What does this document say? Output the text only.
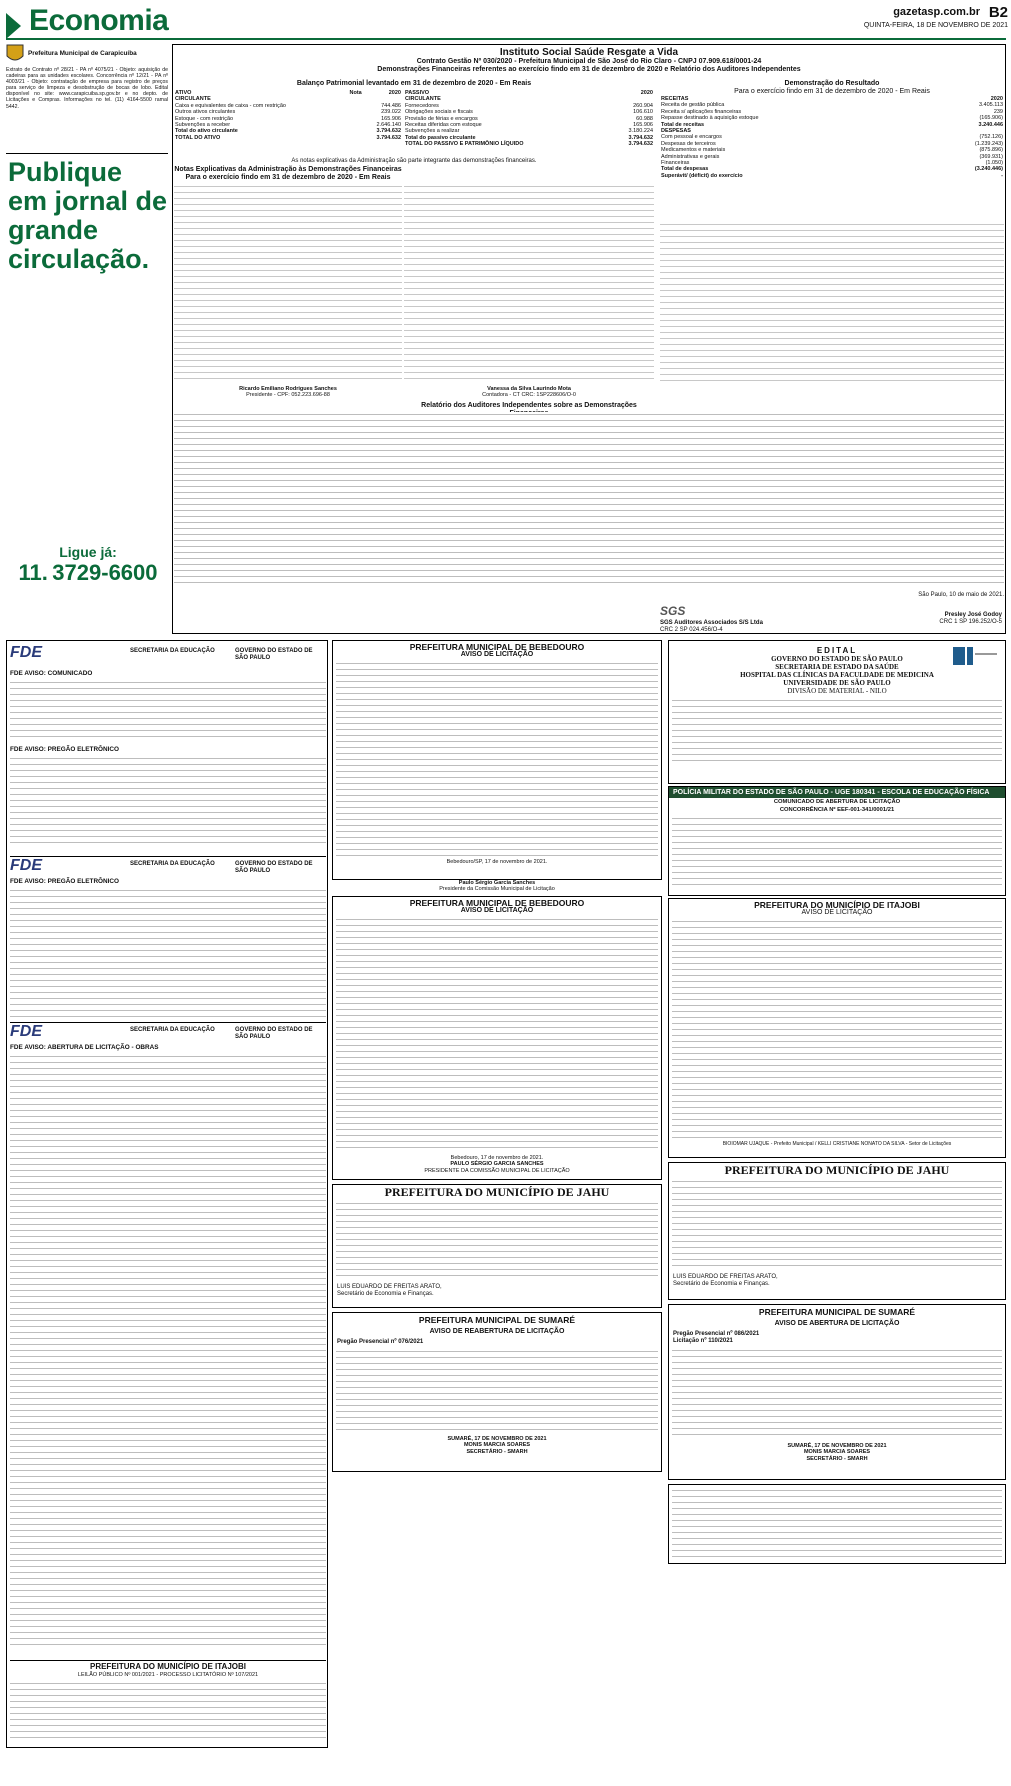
Economia	gazetasp.com.br B2
QUINTA-FEIRA, 18 DE NOVEMBRO DE 2021
Prefeitura Municipal de Carapicuíba
Extrato de Contrato nº 28/21 - PA nº 4075/21 - Objeto: aquisição de cadeiras para as unidades escolares. Concorrência nº 12/21 - PA nº 4003/21 - Objeto: contratação de empresa para registro de preços para serviço de limpeza e desobstrução de bocas de lobo. Edital disponível no site: www.carapicuiba.sp.gov.br e no depto. de Licitações e Compras. Informações no tel. (11) 4164-5500 ramal 5442.
Publique em jornal de grande circulação.
Ligue já:
11. 3729-6600
Instituto Social Saúde Resgate a Vida
Contrato Gestão Nº 030/2020 - Prefeitura Municipal de São José do Rio Claro - CNPJ 07.909.618/0001-24
Demonstrações Financeiras referentes ao exercício findo em 31 de dezembro de 2020 e Relatório dos Auditores Independentes
Balanço Patrimonial levantado em 31 de dezembro de 2020 - Em Reais
ATIVO	Nota	2020
CIRCULANTE		
Caixa e equivalentes de caixa - com restrição		744.486
Outros ativos circulantes		239.022
Estoque - com restrição		165.906
Subvenções a receber		2.646.140
Total do ativo circulante		3.794.632
TOTAL DO ATIVO		3.794.632
PASSIVO	2020
CIRCULANTE	
Fornecedores	260.904
Obrigações sociais e fiscais	106.610
Provisão de férias e encargos	60.988
Receitas diferidas com estoque	165.906
Subvenções a realizar	3.180.224
Total do passivo circulante	3.794.632
TOTAL DO PASSIVO E PATRIMÔNIO LÍQUIDO	3.794.632
As notas explicativas da Administração são parte integrante das demonstrações financeiras.
Notas Explicativas da Administração às Demonstrações Financeiras
Para o exercício findo em 31 de dezembro de 2020 - Em Reais
Demonstração do Resultado
Para o exercício findo em 31 de dezembro de 2020 - Em Reais
RECEITAS	2020
Receita de gestão pública	3.405.113
Receita s/ aplicações financeiras	239
Repasse destinado à aquisição estoque	(165.906)
Total de receitas	3.240.446
DESPESAS	
Com pessoal e encargos	(752.126)
Despesas de terceiros	(1.239.243)
Medicamentos e materiais	(875.896)
Administrativas e gerais	(369.931)
Financeiras	(1.050)
Total de despesas	(3.240.446)
Superávit/ (déficit) do exercício	-
Ricardo Emiliano Rodrigues Sanches
Presidente - CPF: 052.223.696-88
Vanessa da Silva Laurindo Mota
Contadora - CT CRC: 1SP228606/O-0
Relatório dos Auditores Independentes sobre as Demonstrações
São Paulo, 10 de maio de 2021.
SGS
SGS Auditores Associados S/S Ltda
CRC 2 SP 024.456/O-4
Presley José Godoy
CRC 1 SP 196.252/O-5
FDE	SECRETARIA DA EDUCAÇÃO	GOVERNO DO ESTADO DE SÃO PAULO
FDE AVISO: COMUNICADO
FDE AVISO: PREGÃO ELETRÔNICO
FDE	SECRETARIA DA EDUCAÇÃO	GOVERNO DO ESTADO DE SÃO PAULO
FDE AVISO: PREGÃO ELETRÔNICO
FDE	SECRETARIA DA EDUCAÇÃO	GOVERNO DO ESTADO DE SÃO PAULO
FDE AVISO: ABERTURA DE LICITAÇÃO - OBRAS
PREFEITURA DO MUNICÍPIO DE ITAJOBI
LEILÃO PÚBLICO Nº 001/2021 - PROCESSO LICITATÓRIO Nº 107/2021
PREFEITURA MUNICIPAL DE BEBEDOURO
AVISO DE LICITAÇÃO
Bebedouro/SP, 17 de novembro de 2021.
Paulo Sérgio Garcia Sanches
Presidente da Comissão Municipal de Licitação
PREFEITURA MUNICIPAL DE BEBEDOURO
AVISO DE LICITAÇÃO
Bebedouro, 17 de novembro de 2021.
PAULO SÉRGIO GARCIA SANCHES
PRESIDENTE DA COMISSÃO MUNICIPAL DE LICITAÇÃO
PREFEITURA DO MUNICÍPIO DE JAHU
LUIS EDUARDO DE FREITAS ARATO,
Secretário de Economia e Finanças.
PREFEITURA MUNICIPAL DE SUMARÉ
AVISO DE REABERTURA DE LICITAÇÃO
Pregão Presencial nº 076/2021
SUMARÉ, 17 DE NOVEMBRO DE 2021
MONIS MARCIA SOARES
SECRETÁRIO - SMARH
EDITAL
GOVERNO DO ESTADO DE SÃO PAULO
SECRETARIA DE ESTADO DA SAÚDE
HOSPITAL DAS CLÍNICAS DA FACULDADE DE MEDICINA
UNIVERSIDADE DE SÃO PAULO
DIVISÃO DE MATERIAL - NILO
POLÍCIA MILITAR DO ESTADO DE SÃO PAULO - UGE 180341 - ESCOLA DE EDUCAÇÃO FÍSICA
COMUNICADO DE ABERTURA DE LICITAÇÃO
CONCORRÊNCIA Nº EEF-001-341/0001/21
PREFEITURA DO MUNICÍPIO DE ITAJOBI
AVISO DE LICITAÇÃO
BIOIOMAR UJAQUE - Prefeito Municipal / KELLI CRISTIANE NONATO DA SILVA - Setor de Licitações
PREFEITURA DO MUNICÍPIO DE JAHU
LUIS EDUARDO DE FREITAS ARATO,
Secretário de Economia e Finanças.
PREFEITURA MUNICIPAL DE SUMARÉ
AVISO DE ABERTURA DE LICITAÇÃO
Pregão Presencial nº 086/2021
Licitação nº 110/2021
SUMARÉ, 17 DE NOVEMBRO DE 2021
MONIS MARCIA SOARES
SECRETÁRIO - SMARH
